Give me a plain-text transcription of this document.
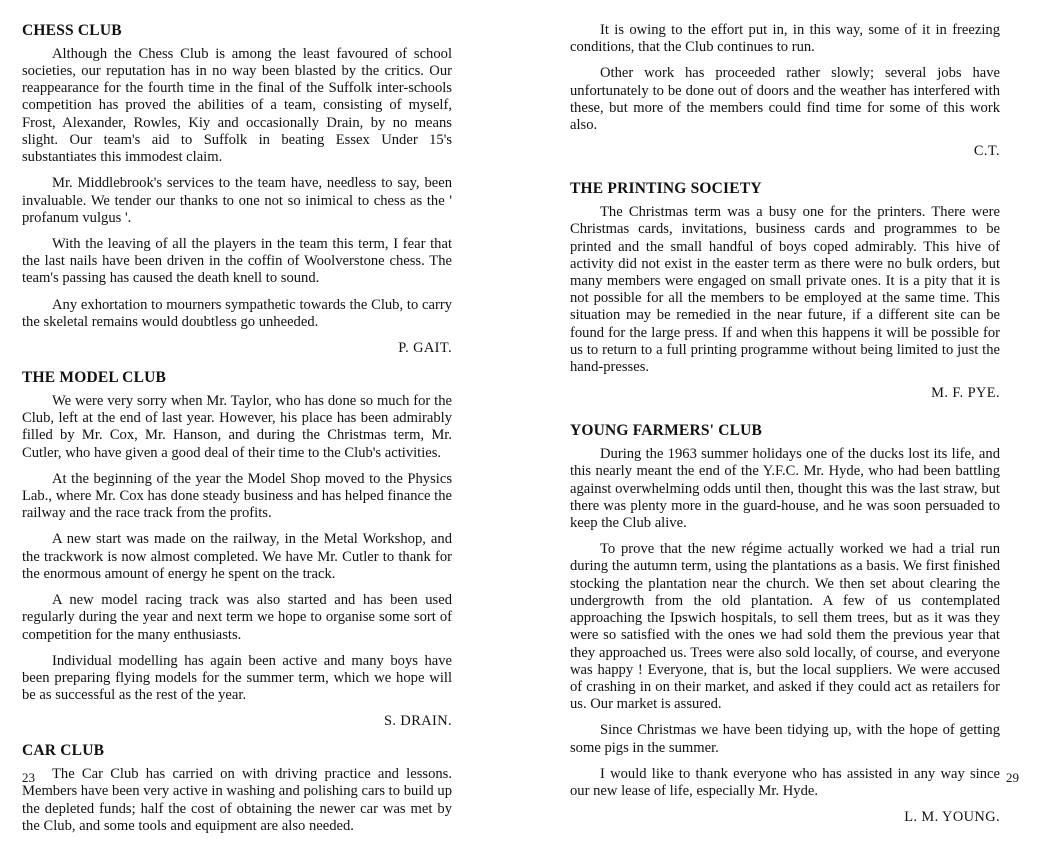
CHESS CLUB

Although the Chess Club is among the least favoured of school societies, our reputation has in no way been blasted by the critics. Our reappearance for the fourth time in the final of the Suffolk inter-schools competition has proved the abilities of a team, consisting of myself, Frost, Alexander, Rowles, Kiy and occasionally Drain, by no means slight. Our team's aid to Suffolk in beating Essex Under 15's substantiates this immodest claim.

Mr. Middlebrook's services to the team have, needless to say, been invaluable. We tender our thanks to one not so inimical to chess as the ' profanum vulgus '.

With the leaving of all the players in the team this term, I fear that the last nails have been driven in the coffin of Woolverstone chess. The team's passing has caused the death knell to sound.

Any exhortation to mourners sympathetic towards the Club, to carry the skeletal remains would doubtless go unheeded.

P. GAIT.
THE MODEL CLUB

We were very sorry when Mr. Taylor, who has done so much for the Club, left at the end of last year. However, his place has been admirably filled by Mr. Cox, Mr. Hanson, and during the Christmas term, Mr. Cutler, who have given a good deal of their time to the Club's activities.

At the beginning of the year the Model Shop moved to the Physics Lab., where Mr. Cox has done steady business and has helped finance the railway and the race track from the profits.

A new start was made on the railway, in the Metal Workshop, and the trackwork is now almost completed. We have Mr. Cutler to thank for the enormous amount of energy he spent on the track.

A new model racing track was also started and has been used regularly during the year and next term we hope to organise some sort of competition for the many enthusiasts.

Individual modelling has again been active and many boys have been preparing flying models for the summer term, which we hope will be as successful as the rest of the year.

S. DRAIN.
CAR CLUB

The Car Club has carried on with driving practice and lessons. Members have been very active in washing and polishing cars to build up the depleted funds; half the cost of obtaining the newer car was met by the Club, and some tools and equipment are also needed.

It is owing to the effort put in, in this way, some of it in freezing conditions, that the Club continues to run.

Other work has proceeded rather slowly; several jobs have unfortunately to be done out of doors and the weather has interfered with these, but more of the members could find time for some of this work also.

C.T.
THE PRINTING SOCIETY

The Christmas term was a busy one for the printers. There were Christmas cards, invitations, business cards and programmes to be printed and the small handful of boys coped admirably. This hive of activity did not exist in the easter term as there were no bulk orders, but many members were engaged on small private ones. It is a pity that it is not possible for all the members to be employed at the same time. This situation may be remedied in the near future, if a different site can be found for the large press. If and when this happens it will be possible for us to return to a full printing programme without being limited to just the hand-presses.

M. F. PYE.
YOUNG FARMERS' CLUB

During the 1963 summer holidays one of the ducks lost its life, and this nearly meant the end of the Y.F.C. Mr. Hyde, who had been battling against overwhelming odds until then, thought this was the last straw, but there was plenty more in the guard-house, and he was soon persuaded to keep the Club alive.

To prove that the new régime actually worked we had a trial run during the autumn term, using the plantations as a basis. We first finished stocking the plantation near the church. We then set about clearing the undergrowth from the old plantation. A few of us contemplated approaching the Ipswich hospitals, to sell them trees, but as it was they were so satisfied with the ones we had sold them the previous year that they approached us. Trees were also sold locally, of course, and everyone was happy ! Everyone, that is, but the local suppliers. We were accused of crashing in on their market, and asked if they could act as retailers for us. Our market is assured.

Since Christmas we have been tidying up, with the hope of getting some pigs in the summer.

I would like to thank everyone who has assisted in any way since our new lease of life, especially Mr. Hyde.

L. M. YOUNG.
23	29
